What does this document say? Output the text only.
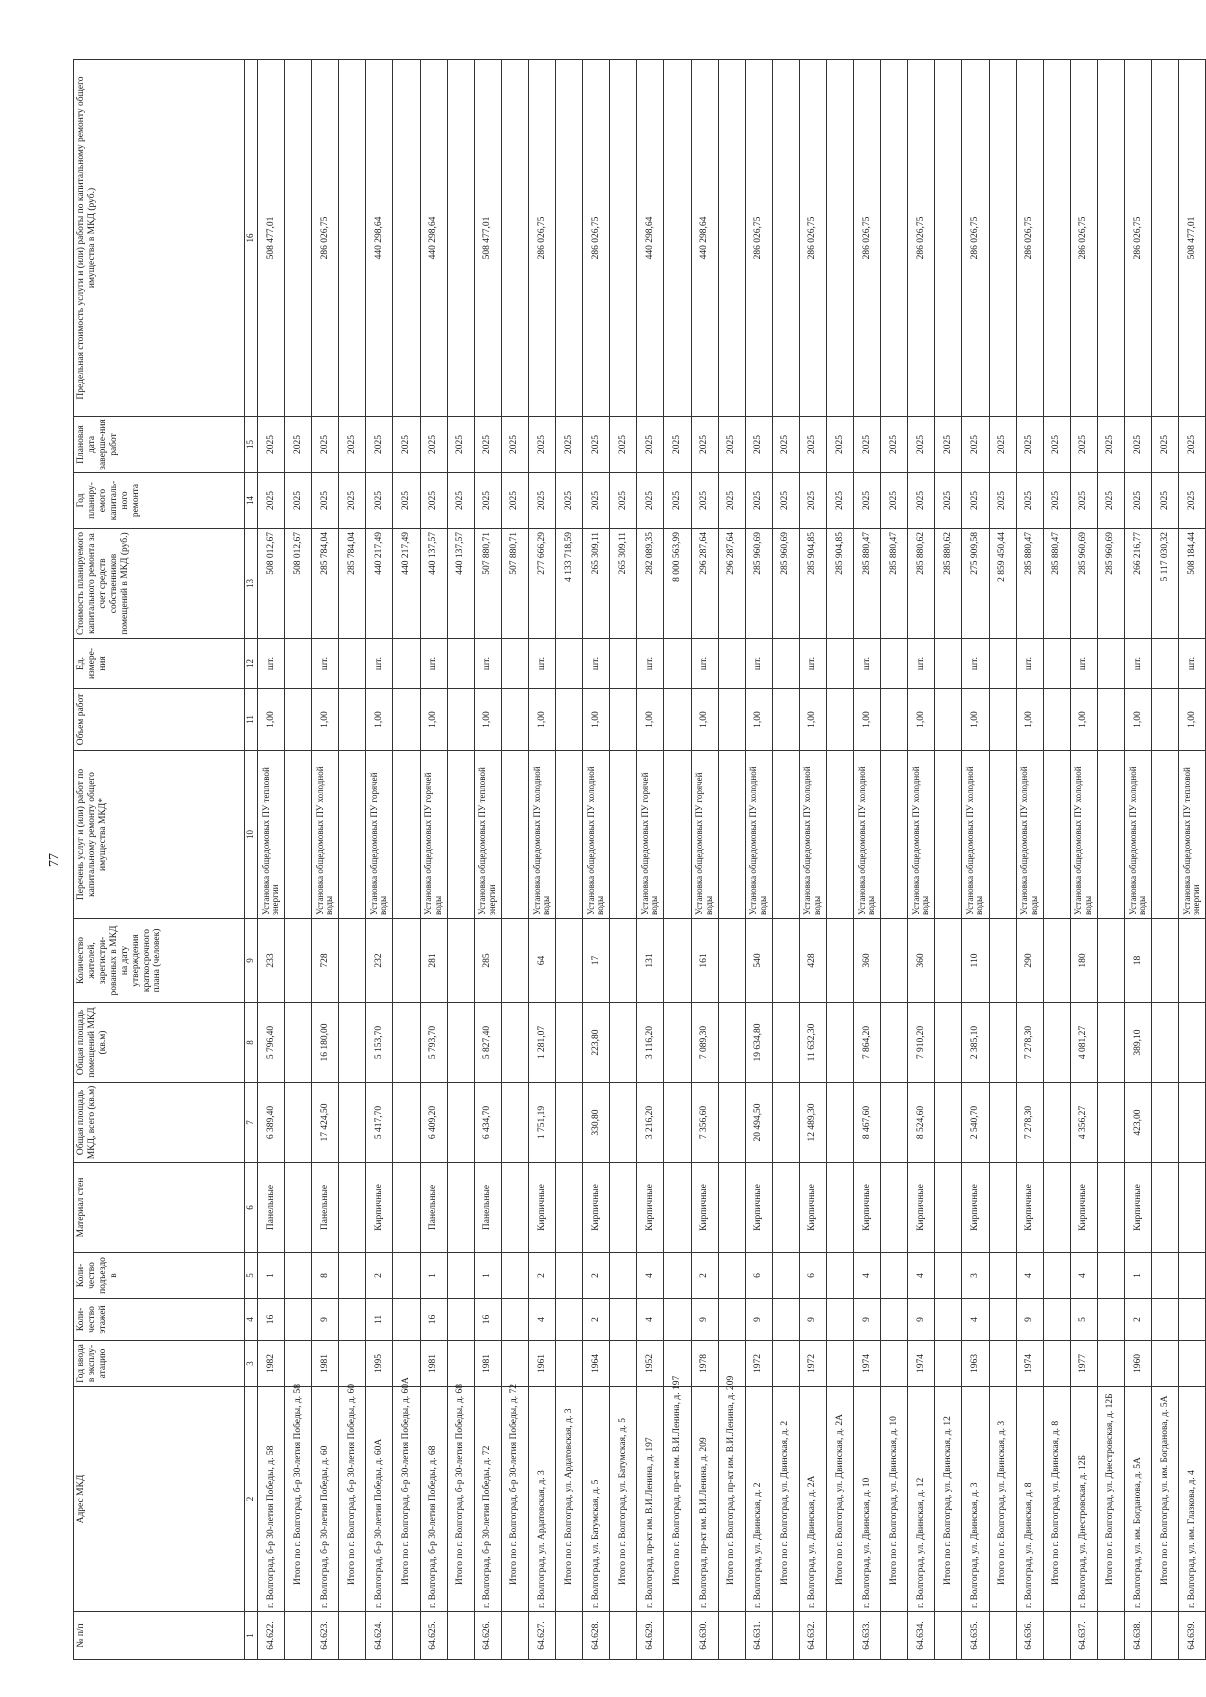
77
№ п/п	Адрес МКД	Год ввода в эксплу-атацию	Коли-чество этажей	Коли-чество подъездо в	Материал стен	Общая площадь МКД, всего (кв.м)	Общая площадь помещений МКД (кв.м)	Количество жителей, зарегистри-рованных в МКД на дату утверждения краткосрочного плана (человек)	Перечень услуг и (или) работ по капитальному ремонту общего имущества МКД*	Объем работ	Ед. измере-ния	Стоимость планируемого капитального ремонта за счет средств собственников помещений в МКД (руб.)	Год планиру-емого капиталь-ного ремонта	Плановая дата заверше-ния работ	Предельная стоимость услуги и (или) работы по капитальному ремонту общего имущества в МКД (руб.)
1	2	3	4	5	6	7	8	9	10	11	12	13	14	15	16
64.622.	г. Волгоград, б-р 30-летия Победы, д. 58	1982	16	1	Панельные	6 389,40	5 796,40	233	Установка общедомовых ПУ тепловой энергии	1,00	шт.	508 012,67	2025	2025	508 477,01
	Итого по г. Волгоград, б-р 30-летия Победы, д. 58											508 012,67	2025	2025	
64.623.	г. Волгоград, б-р 30-летия Победы, д. 60	1981	9	8	Панельные	17 424,50	16 180,00	728	Установка общедомовых ПУ холодной воды	1,00	шт.	285 784,04	2025	2025	286 026,75
	Итого по г. Волгоград, б-р 30-летия Победы, д. 60											285 784,04	2025	2025	
64.624.	г. Волгоград, б-р 30-летия Победы, д. 60А	1995	11	2	Кирпичные	5 417,70	5 153,70	232	Установка общедомовых ПУ горячей воды	1,00	шт.	440 217,49	2025	2025	440 298,64
	Итого по г. Волгоград, б-р 30-летия Победы, д. 60А											440 217,49	2025	2025	
64.625.	г. Волгоград, б-р 30-летия Победы, д. 68	1981	16	1	Панельные	6 409,20	5 793,70	281	Установка общедомовых ПУ горячей воды	1,00	шт.	440 137,57	2025	2025	440 298,64
	Итого по г. Волгоград, б-р 30-летия Победы, д. 68											440 137,57	2025	2025	
64.626.	г. Волгоград, б-р 30-летия Победы, д. 72	1981	16	1	Панельные	6 434,70	5 827,40	285	Установка общедомовых ПУ тепловой энергии	1,00	шт.	507 880,71	2025	2025	508 477,01
	Итого по г. Волгоград, б-р 30-летия Победы, д. 72											507 880,71	2025	2025	
64.627.	г. Волгоград, ул. Ардатовская, д. 3	1961	4	2	Кирпичные	1 751,19	1 281,07	64	Установка общедомовых ПУ холодной воды	1,00	шт.	277 666,29	2025	2025	286 026,75
	Итого по г. Волгоград, ул. Ардатовская, д. 3											4 133 718,59	2025	2025	
64.628.	г. Волгоград, ул. Батумская, д. 5	1964	2	2	Кирпичные	330,80	223,80	17	Установка общедомовых ПУ холодной воды	1,00	шт.	265 309,11	2025	2025	286 026,75
	Итого по г. Волгоград, ул. Батумская, д. 5											265 309,11	2025	2025	
64.629.	г. Волгоград, пр-кт им. В.И.Ленина, д. 197	1952	4	4	Кирпичные	3 216,20	3 116,20	131	Установка общедомовых ПУ горячей воды	1,00	шт.	282 089,35	2025	2025	440 298,64
	Итого по г. Волгоград, пр-кт им. В.И.Ленина, д. 197											8 000 563,99	2025	2025	
64.630.	г. Волгоград, пр-кт им. В.И.Ленина, д. 209	1978	9	2	Кирпичные	7 356,60	7 089,30	161	Установка общедомовых ПУ горячей воды	1,00	шт.	296 287,64	2025	2025	440 298,64
	Итого по г. Волгоград, пр-кт им. В.И.Ленина, д. 209											296 287,64	2025	2025	
64.631.	г. Волгоград, ул. Двинская, д. 2	1972	9	6	Кирпичные	20 494,50	19 634,80	540	Установка общедомовых ПУ холодной воды	1,00	шт.	285 960,69	2025	2025	286 026,75
	Итого по г. Волгоград, ул. Двинская, д. 2											285 960,69	2025	2025	
64.632.	г. Волгоград, ул. Двинская, д. 2А	1972	9	6	Кирпичные	12 489,30	11 632,30	428	Установка общедомовых ПУ холодной воды	1,00	шт.	285 904,85	2025	2025	286 026,75
	Итого по г. Волгоград, ул. Двинская, д. 2А											285 904,85	2025	2025	
64.633.	г. Волгоград, ул. Двинская, д. 10	1974	9	4	Кирпичные	8 467,60	7 864,20	360	Установка общедомовых ПУ холодной воды	1,00	шт.	285 880,47	2025	2025	286 026,75
	Итого по г. Волгоград, ул. Двинская, д. 10											285 880,47	2025	2025	
64.634.	г. Волгоград, ул. Двинская, д. 12	1974	9	4	Кирпичные	8 524,60	7 910,20	360	Установка общедомовых ПУ холодной воды	1,00	шт.	285 880,62	2025	2025	286 026,75
	Итого по г. Волгоград, ул. Двинская, д. 12											285 880,62	2025	2025	
64.635.	г. Волгоград, ул. Двинская, д. 3	1963	4	3	Кирпичные	2 540,70	2 385,10	110	Установка общедомовых ПУ холодной воды	1,00	шт.	275 909,58	2025	2025	286 026,75
	Итого по г. Волгоград, ул. Двинская, д. 3											2 859 450,44	2025	2025	
64.636.	г. Волгоград, ул. Двинская, д. 8	1974	9	4	Кирпичные	7 278,30	7 278,30	290	Установка общедомовых ПУ холодной воды	1,00	шт.	285 880,47	2025	2025	286 026,75
	Итого по г. Волгоград, ул. Двинская, д. 8											285 880,47	2025	2025	
64.637.	г. Волгоград, ул. Днестровская, д. 12Б	1977	5	4	Кирпичные	4 356,27	4 081,27	180	Установка общедомовых ПУ холодной воды	1,00	шт.	285 960,69	2025	2025	286 026,75
	Итого по г. Волгоград, ул. Днестровская, д. 12Б											285 960,69	2025	2025	
64.638.	г. Волгоград, ул. им. Богданова, д. 5А	1960	2	1	Кирпичные	423,00	389,10	18	Установка общедомовых ПУ холодной воды	1,00	шт.	266 216,77	2025	2025	286 026,75
	Итого по г. Волгоград, ул. им. Богданова, д. 5А											5 117 030,32	2025	2025	
64.639.	г. Волгоград, ул. им. Глазкова, д. 4								Установка общедомовых ПУ тепловой энергии	1,00	шт.	508 184,44	2025	2025	508 477,01
